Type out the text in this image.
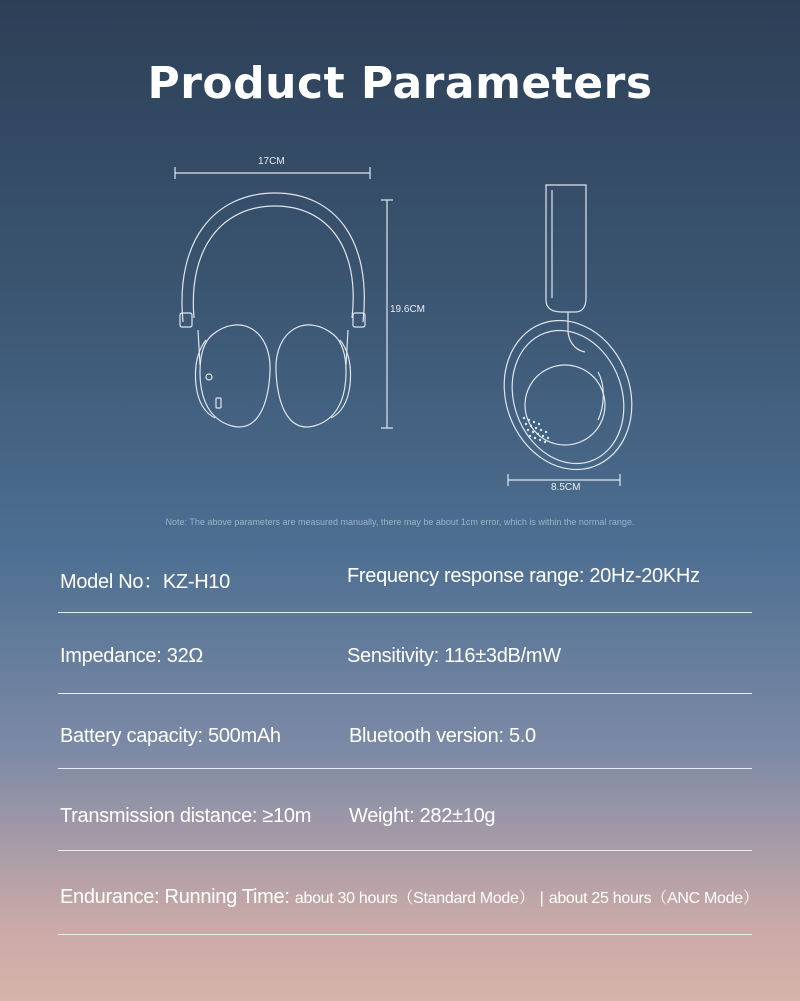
Product Parameters
17CM
19.6CM
8.5CM
Note: The above parameters are measured manually, there may be about 1cm error, which is within the normal range.
Model No：KZ-H10	Frequency response range: 20Hz-20KHz
Impedance: 32Ω	Sensitivity: 116±3dB/mW
Battery capacity: 500mAh	Bluetooth version: 5.0
Transmission distance: ≥10m Weight: 282±10g
Endurance: Running Time: about 30 hours（Standard Mode） | about 25 hours（ANC Mode）
